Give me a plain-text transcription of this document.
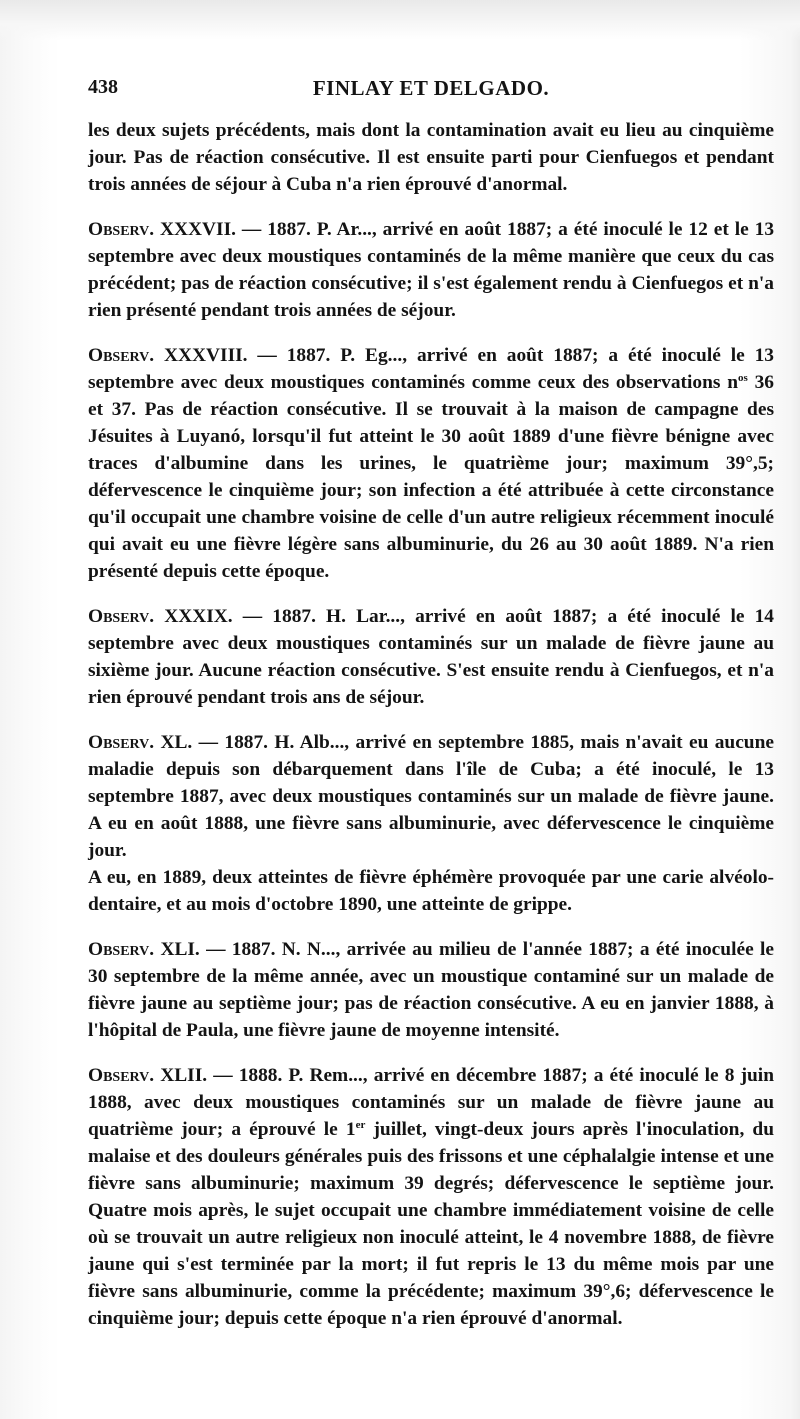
438	FINLAY ET DELGADO.

les deux sujets précédents, mais dont la contamination avait eu lieu au cinquième jour. Pas de réaction consécutive. Il est ensuite parti pour Cienfuegos et pendant trois années de séjour à Cuba n'a rien éprouvé d'anormal.

Observ. XXXVII. — 1887. P. Ar..., arrivé en août 1887; a été inoculé le 12 et le 13 septembre avec deux moustiques contaminés de la même manière que ceux du cas précédent; pas de réaction consécutive; il s'est également rendu à Cienfuegos et n'a rien présenté pendant trois années de séjour.

Observ. XXXVIII. — 1887. P. Eg..., arrivé en août 1887; a été inoculé le 13 septembre avec deux moustiques contaminés comme ceux des observations $n^{os}$ 36 et 37. Pas de réaction consécutive. Il se trouvait à la maison de campagne des Jésuites à Luyanó, lorsqu'il fut atteint le 30 août 1889 d'une fièvre bénigne avec traces d'albumine dans les urines, le quatrième jour; maximum 39°,5; défervescence le cinquième jour; son infection a été attribuée à cette circonstance qu'il occupait une chambre voisine de celle d'un autre religieux récemment inoculé qui avait eu une fièvre légère sans albuminurie, du 26 au 30 août 1889. N'a rien présenté depuis cette époque.

Observ. XXXIX. — 1887. H. Lar..., arrivé en août 1887; a été inoculé le 14 septembre avec deux moustiques contaminés sur un malade de fièvre jaune au sixième jour. Aucune réaction consécutive. S'est ensuite rendu à Cienfuegos, et n'a rien éprouvé pendant trois ans de séjour.

Observ. XL. — 1887. H. Alb..., arrivé en septembre 1885, mais n'avait eu aucune maladie depuis son débarquement dans l'île de Cuba; a été inoculé, le 13 septembre 1887, avec deux moustiques contaminés sur un malade de fièvre jaune. A eu en août 1888, une fièvre sans albuminurie, avec défervescence le cinquième jour.

A eu, en 1889, deux atteintes de fièvre éphémère provoquée par une carie alvéolo-dentaire, et au mois d'octobre 1890, une atteinte de grippe.

Observ. XLI. — 1887. N. N..., arrivée au milieu de l'année 1887; a été inoculée le 30 septembre de la même année, avec un moustique contaminé sur un malade de fièvre jaune au septième jour; pas de réaction consécutive. A eu en janvier 1888, à l'hôpital de Paula, une fièvre jaune de moyenne intensité.

Observ. XLII. — 1888. P. Rem..., arrivé en décembre 1887; a été inoculé le 8 juin 1888, avec deux moustiques contaminés sur un malade de fièvre jaune au quatrième jour; a éprouvé le 1er juillet, vingt-deux jours après l'inoculation, du malaise et des douleurs générales puis des frissons et une céphalalgie intense et une fièvre sans albuminurie; maximum 39 degrés; défervescence le septième jour. Quatre mois après, le sujet occupait une chambre immédiatement voisine de celle où se trouvait un autre religieux non inoculé atteint, le 4 novembre 1888, de fièvre jaune qui s'est terminée par la mort; il fut repris le 13 du même mois par une fièvre sans albuminurie, comme la précédente; maximum 39°,6; défervescence le cinquième jour; depuis cette époque n'a rien éprouvé d'anormal.
